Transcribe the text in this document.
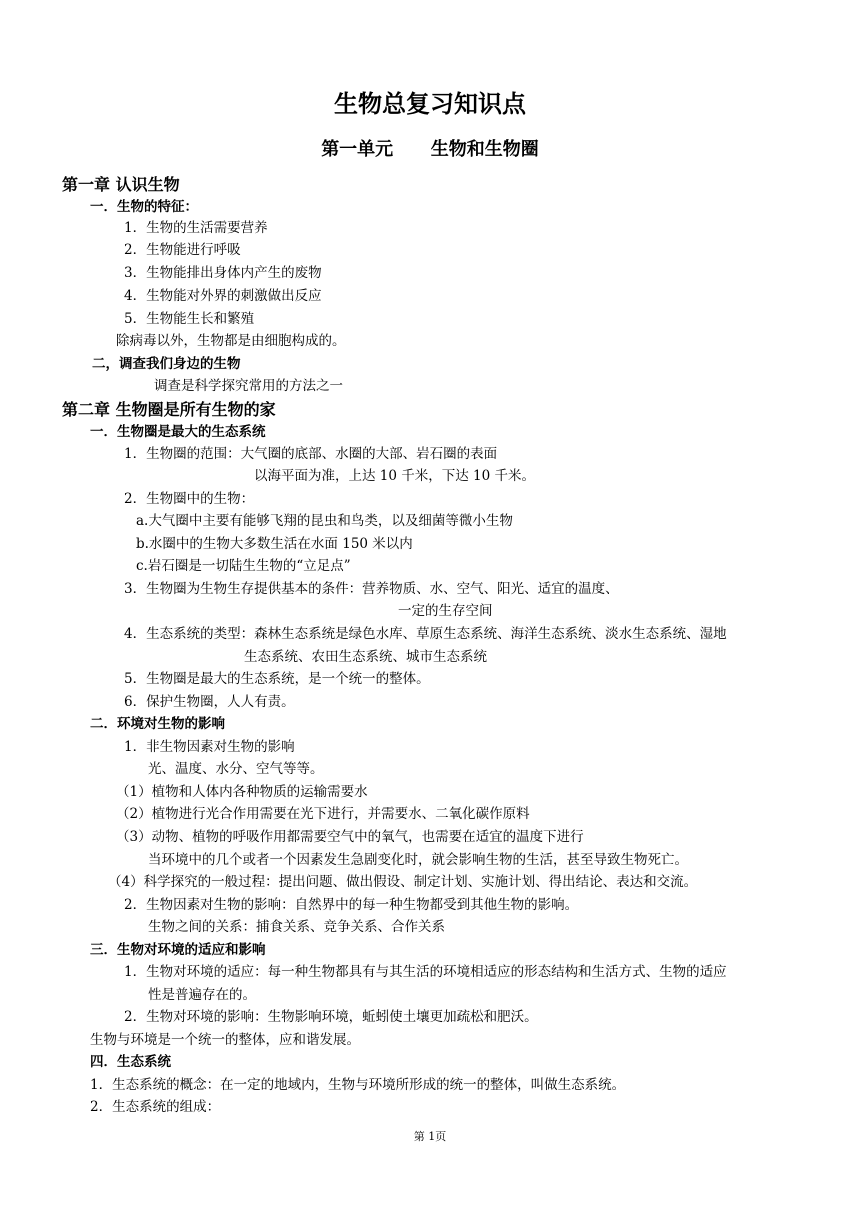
生物总复习知识点
第一单元      生物和生物圈
第一章 认识生物
一．生物的特征：
1．生物的生活需要营养
2．生物能进行呼吸
3．生物能排出身体内产生的废物
4．生物能对外界的刺激做出反应
5．生物能生长和繁殖
除病毒以外，生物都是由细胞构成的。
二，调查我们身边的生物
调查是科学探究常用的方法之一
第二章 生物圈是所有生物的家
一．生物圈是最大的生态系统
1．生物圈的范围：大气圈的底部、水圈的大部、岩石圈的表面
以海平面为准，上达 10 千米，下达 10 千米。
2．生物圈中的生物：
a.大气圈中主要有能够飞翔的昆虫和鸟类，以及细菌等微小生物
b.水圈中的生物大多数生活在水面 150 米以内
c.岩石圈是一切陆生生物的“立足点”
3．生物圈为生物生存提供基本的条件：营养物质、水、空气、阳光、适宜的温度、
一定的生存空间
4．生态系统的类型：森林生态系统是绿色水库、草原生态系统、海洋生态系统、淡水生态系统、湿地
生态系统、农田生态系统、城市生态系统
5．生物圈是最大的生态系统，是一个统一的整体。
6．保护生物圈，人人有责。
二．环境对生物的影响
1．非生物因素对生物的影响
光、温度、水分、空气等等。
（1）植物和人体内各种物质的运输需要水
（2）植物进行光合作用需要在光下进行，并需要水、二氧化碳作原料
（3）动物、植物的呼吸作用都需要空气中的氧气，也需要在适宜的温度下进行
当环境中的几个或者一个因素发生急剧变化时，就会影响生物的生活，甚至导致生物死亡。
（4）科学探究的一般过程：提出问题、做出假设、制定计划、实施计划、得出结论、表达和交流。
2．生物因素对生物的影响：自然界中的每一种生物都受到其他生物的影响。
生物之间的关系：捕食关系、竞争关系、合作关系
三．生物对环境的适应和影响
1．生物对环境的适应：每一种生物都具有与其生活的环境相适应的形态结构和生活方式、生物的适应
性是普遍存在的。
2．生物对环境的影响：生物影响环境，蚯蚓使土壤更加疏松和肥沃。
生物与环境是一个统一的整体，应和谐发展。
四．生态系统
1．生态系统的概念：在一定的地域内，生物与环境所形成的统一的整体，叫做生态系统。
2．生态系统的组成：
第 1页
